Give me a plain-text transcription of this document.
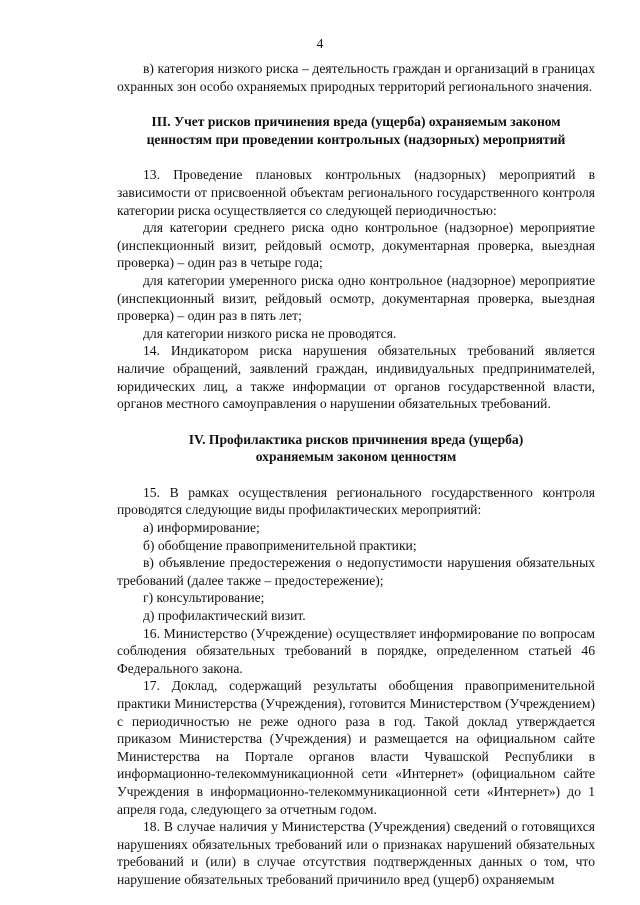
4

в) категория низкого риска – деятельность граждан и организаций в границах охранных зон особо охраняемых природных территорий регионального значения.

III. Учет рисков причинения вреда (ущерба) охраняемым законом

ценностям при проведении контрольных (надзорных) мероприятий

13. Проведение плановых контрольных (надзорных) мероприятий в зависимости от присвоенной объектам регионального государственного контроля категории риска осуществляется со следующей периодичностью:

для категории среднего риска одно контрольное (надзорное) мероприятие (инспекционный визит, рейдовый осмотр, документарная проверка, выездная проверка) – один раз в четыре года;

для категории умеренного риска одно контрольное (надзорное) мероприятие (инспекционный визит, рейдовый осмотр, документарная проверка, выездная проверка) – один раз в пять лет;

для категории низкого риска не проводятся.

14. Индикатором риска нарушения обязательных требований является наличие обращений, заявлений граждан, индивидуальных предпринимателей, юридических лиц, а также информации от органов государственной власти, органов местного самоуправления о нарушении обязательных требований.

IV. Профилактика рисков причинения вреда (ущерба)

охраняемым законом ценностям

15. В рамках осуществления регионального государственного контроля проводятся следующие виды профилактических мероприятий:

а) информирование;

б) обобщение правоприменительной практики;

в) объявление предостережения о недопустимости нарушения обязательных требований (далее также – предостережение);

г) консультирование;

д) профилактический визит.

16. Министерство (Учреждение) осуществляет информирование по вопросам соблюдения обязательных требований в порядке, определенном статьей 46 Федерального закона.

17. Доклад, содержащий результаты обобщения правоприменительной практики Министерства (Учреждения), готовится Министерством (Учреждением) с периодичностью не реже одного раза в год. Такой доклад утверждается приказом Министерства (Учреждения) и размещается на официальном сайте Министерства на Портале органов власти Чувашской Республики в информационно-телекоммуникационной сети «Интернет» (официальном сайте Учреждения в информационно-телекоммуникационной сети «Интернет») до 1 апреля года, следующего за отчетным годом.

18. В случае наличия у Министерства (Учреждения) сведений о готовящихся нарушениях обязательных требований или о признаках нарушений обязательных требований и (или) в случае отсутствия подтвержденных данных о том, что нарушение обязательных требований причинило вред (ущерб) охраняемым
